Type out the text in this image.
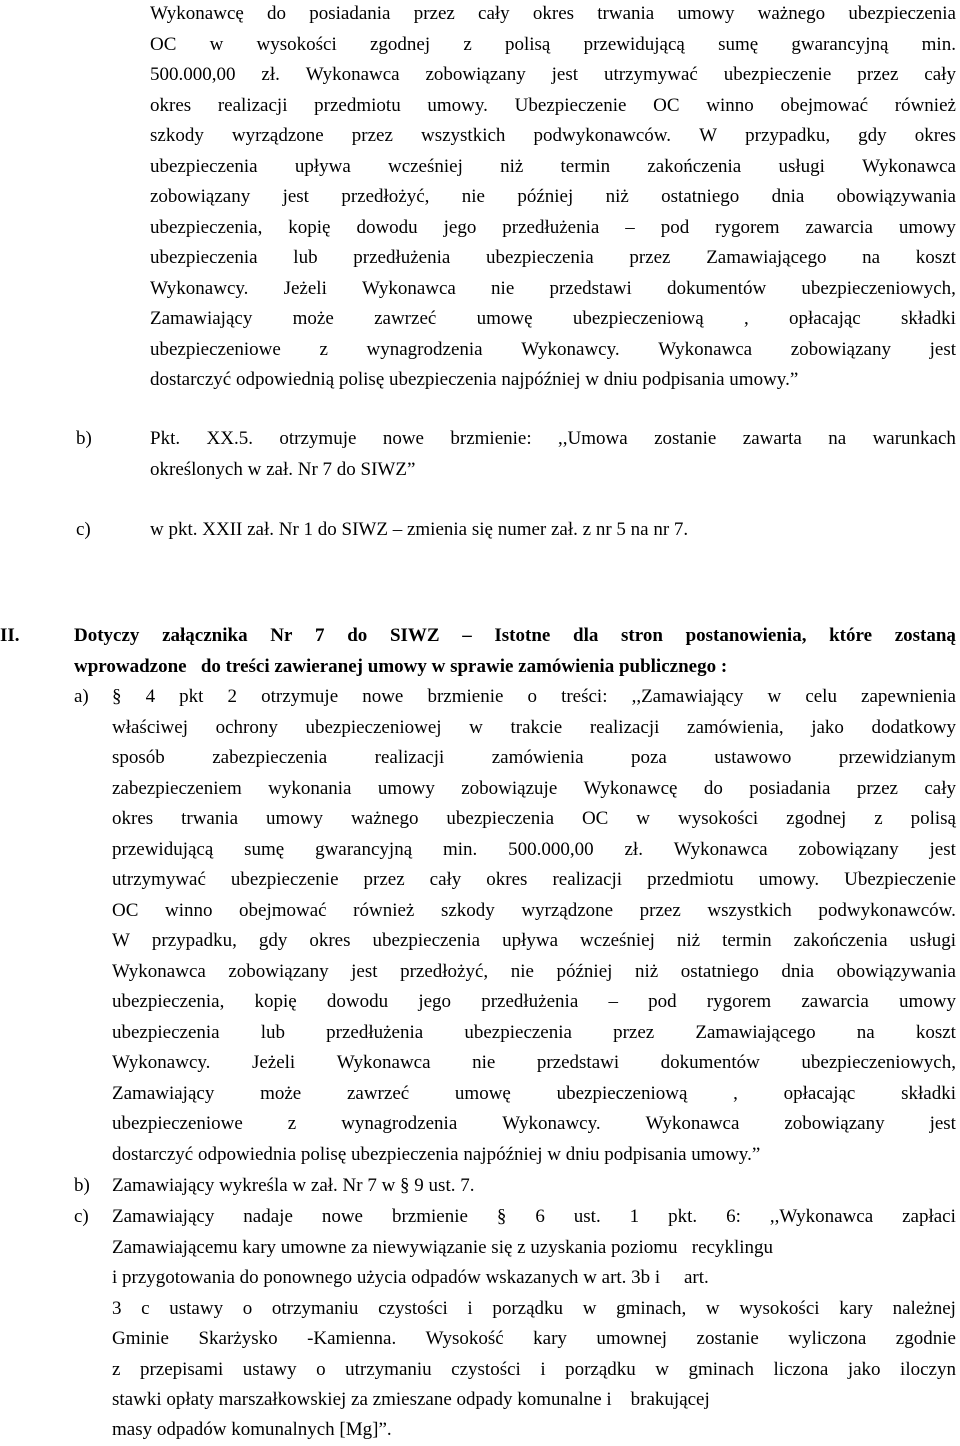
Wykonawcę do posiadania przez cały okres trwania umowy ważnego ubezpieczenia
OC w wysokości zgodnej z polisą przewidującą sumę gwarancyjną min.
500.000,00 zł. Wykonawca zobowiązany jest utrzymywać ubezpieczenie przez cały
okres realizacji przedmiotu umowy. Ubezpieczenie OC winno obejmować również
szkody wyrządzone przez wszystkich podwykonawców. W przypadku, gdy okres
ubezpieczenia upływa wcześniej niż termin zakończenia usługi Wykonawca
zobowiązany jest przedłożyć, nie później niż ostatniego dnia obowiązywania
ubezpieczenia, kopię dowodu jego przedłużenia – pod rygorem zawarcia umowy
ubezpieczenia lub przedłużenia ubezpieczenia przez Zamawiającego na koszt
Wykonawcy. Jeżeli Wykonawca nie przedstawi dokumentów ubezpieczeniowych,
Zamawiający może zawrzeć umowę ubezpieczeniową , opłacając składki
ubezpieczeniowe z wynagrodzenia Wykonawcy. Wykonawca zobowiązany jest
dostarczyć odpowiednią polisę ubezpieczenia najpóźniej w dniu podpisania umowy.”
b)	Pkt. XX.5. otrzymuje nowe brzmienie: ,,Umowa zostanie zawarta na warunkach
określonych w zał. Nr 7 do SIWZ”
c)	w pkt. XXII zał. Nr 1 do SIWZ – zmienia się numer zał. z nr 5 na nr 7.
II.	Dotyczy załącznika Nr 7 do SIWZ – Istotne dla stron postanowienia, które zostaną
wprowadzone   do treści zawieranej umowy w sprawie zamówienia publicznego :
a) § 4 pkt 2 otrzymuje nowe brzmienie o treści: ,,Zamawiający w celu zapewnienia
właściwej ochrony ubezpieczeniowej w trakcie realizacji zamówienia, jako dodatkowy
sposób zabezpieczenia realizacji zamówienia poza ustawowo przewidzianym
zabezpieczeniem wykonania umowy zobowiązuje Wykonawcę do posiadania przez cały
okres trwania umowy ważnego ubezpieczenia OC w wysokości zgodnej z polisą
przewidującą sumę gwarancyjną min. 500.000,00 zł. Wykonawca zobowiązany jest
utrzymywać ubezpieczenie przez cały okres realizacji przedmiotu umowy. Ubezpieczenie
OC winno obejmować również szkody wyrządzone przez wszystkich podwykonawców.
W przypadku, gdy okres ubezpieczenia upływa wcześniej niż termin zakończenia usługi
Wykonawca zobowiązany jest przedłożyć, nie później niż ostatniego dnia obowiązywania
ubezpieczenia, kopię dowodu jego przedłużenia – pod rygorem zawarcia umowy
ubezpieczenia lub przedłużenia ubezpieczenia przez Zamawiającego na koszt
Wykonawcy. Jeżeli Wykonawca nie przedstawi dokumentów ubezpieczeniowych,
Zamawiający może zawrzeć umowę ubezpieczeniową , opłacając składki
ubezpieczeniowe z wynagrodzenia Wykonawcy. Wykonawca zobowiązany jest
dostarczyć odpowiednia polisę ubezpieczenia najpóźniej w dniu podpisania umowy.”
b) Zamawiający wykreśla w zał. Nr 7 w § 9 ust. 7.
c) Zamawiający nadaje nowe brzmienie § 6 ust. 1 pkt. 6: ,,Wykonawca zapłaci
Zamawiającemu kary umowne za niewywiązanie się z uzyskania poziomu   recyklingu
i przygotowania do ponownego użycia odpadów wskazanych w art. 3b i     art.
3 c ustawy o otrzymaniu czystości i porządku w gminach, w wysokości kary należnej
Gminie Skarżysko -Kamienna. Wysokość kary umownej zostanie wyliczona zgodnie
z przepisami ustawy o utrzymaniu czystości i porządku w gminach liczona jako iloczyn
stawki opłaty marszałkowskiej za zmieszane odpady komunalne i    brakującej
masy odpadów komunalnych [Mg]”.
